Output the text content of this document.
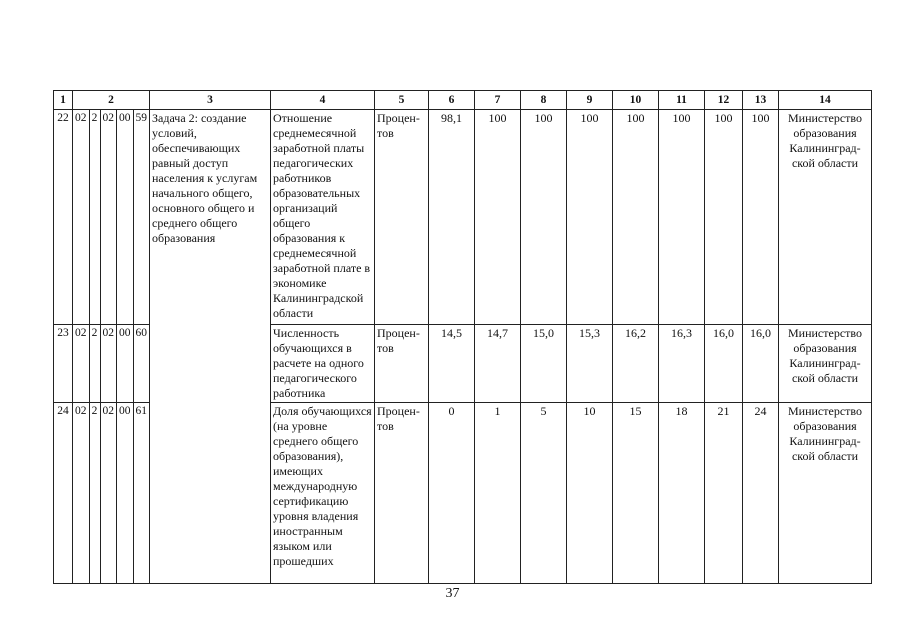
1	2					3	4	5	6	7	8	9	10	11	12	13	14
22	02	2	02	00	59	Задача 2: создание условий, обеспечивающих равный доступ населения к услугам начального общего, основного общего и среднего общего образования	Отношение среднемесячной заработной платы педагогических работников образовательных организаций общего образования к среднемесячной заработной плате в экономике Калининградской области	Процен-тов	98,1	100	100	100	100	100	100	100	Министерство образования Калининград-ской области
23	02	2	02	00	60		Численность обучающихся в расчете на одного педагогического работника	Процен-тов	14,5	14,7	15,0	15,3	16,2	16,3	16,0	16,0	Министерство образования Калининград-ской области
24	02	2	02	00	61		Доля обучающихся (на уровне среднего общего образования), имеющих международную сертификацию уровня владения иностранным языком или прошедших	Процен-тов	0	1	5	10	15	18	21	24	Министерство образования Калининград-ской области
37
